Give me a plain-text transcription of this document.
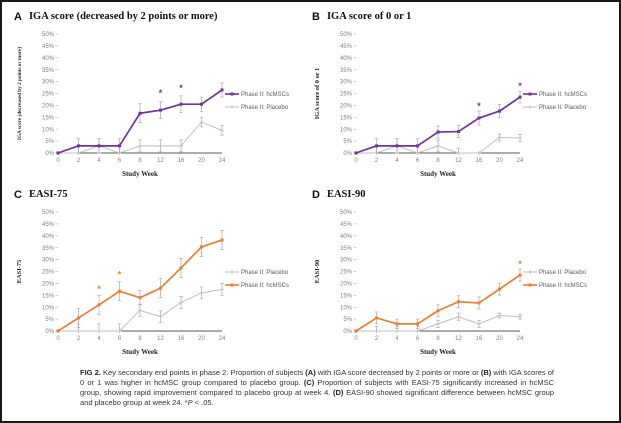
A IGA score (decreased by 2 points or more)
0%
5%
10%
15%
20%
25%
30%
35%
40%
45%
50%
IGA score (decreased by 2 points or more)
0	2	4	6	8	12 16 20 24
Study Week
* *
Phase II: hcMSCs
Phase II: Placebo
B IGA score of 0 or 1
0%
5%
10%
15%
20%
25%
30%
35%
40%
45%
50%
IGA score of 0 or 1
0	2	4	6	8	12 16 20 24
Study Week
*
*
Phase II: hcMSCs
Phase II: Placebo
C EASI-75
0%
5%
10%
15%
20%
25%
30%
35%
40%
45%
50%
EASI-75
0	2	4	6	8	12 16 20 24
Study Week
*
*	Phase II: Placebo
Phase II: hcMSCs
D EASI-90
0%
5%
10%
15%
20%
25%
30%
35%
40%
45%
50%
EASI-90
0	2	4	6	8	12 16 20 24
Study Week
*
Phase II: Placebo
Phase II: hcMSCs
FIG 2. Key secondary end points in phase 2. Proportion of subjects (A) with IGA score decreased by 2 points or more or (B) with IGA scores of 0 or 1 was higher in hcMSC group compared to placebo group. (C) Proportion of subjects with EASI-75 significantly increased in hcMSC group, showing rapid improvement compared to placebo group at week 4. (D) EASI-90 showed significant difference between hcMSC group and placebo group at week 24. *P < .05.
